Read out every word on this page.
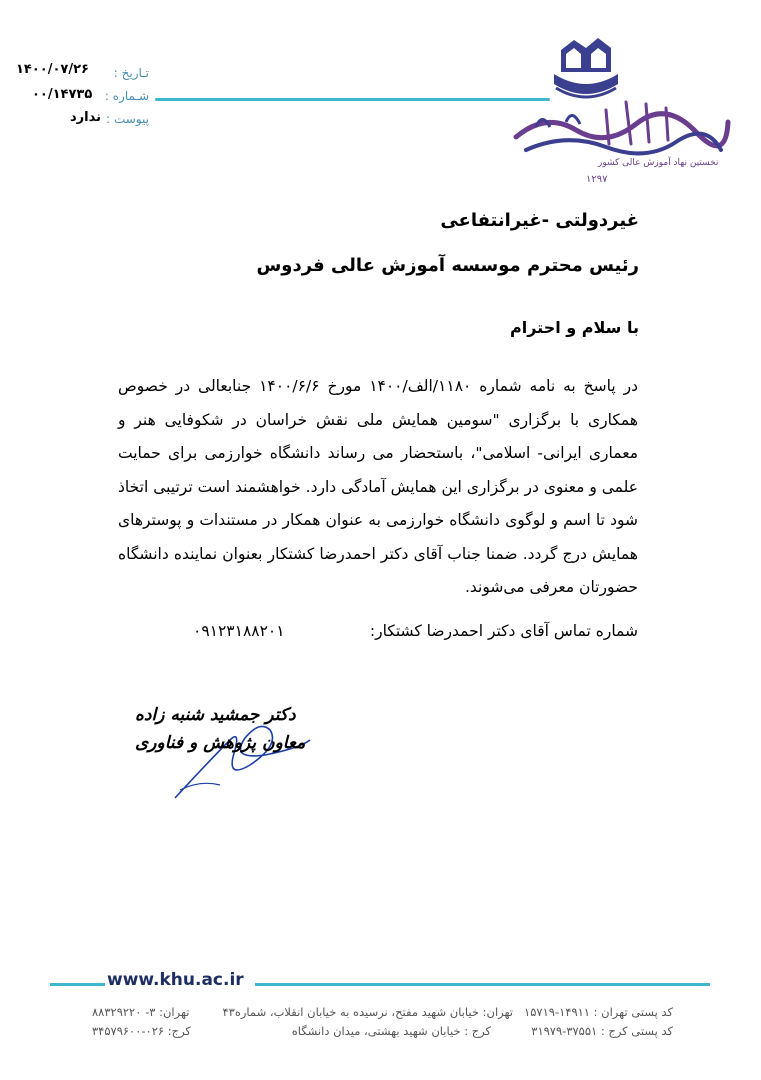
تـاریخ :
۱۴۰۰/۰۷/۲۶
شـماره :
۰۰/۱۴۷۳۵
پیوست :
ندارد
نخستین نهاد آموزش عالی کشور
۱۲۹۷
غیردولتی -غیرانتفاعی
رئیس محترم موسسه آموزش عالی فردوس
با سلام و احترام
در پاسخ به نامه شماره ۱۱۸۰/الف/۱۴۰۰ مورخ ۱۴۰۰/۶/۶ جنابعالی در خصوص همکاری با برگزاری "سومین همایش ملی نقش خراسان در شکوفایی هنر و معماری ایرانی- اسلامی"، باستحضار می رساند دانشگاه خوارزمی برای حمایت علمی و معنوی در برگزاری این همایش آمادگی دارد. خواهشمند است ترتیبی اتخاذ شود تا اسم و لوگوی دانشگاه خوارزمی به عنوان همکار در مستندات و پوسترهای همایش درج گردد. ضمنا جناب آقای دکتر احمدرضا کشتکار بعنوان نماینده دانشگاه حضورتان معرفی می‌شوند.
شماره تماس آقای دکتر احمدرضا کشتکار:
۰۹۱۲۳۱۸۸۲۰۱
دکتر جمشید شنبه زاده
معاون پژوهش و فناوری
www.khu.ac.ir
کد پستی تهران : ۱۴۹۱۱-۱۵۷۱۹
تهران: خیابان شهید مفتح، نرسیده به خیابان انقلاب، شماره۴۳
تهران: ۳- ۸۸۳۲۹۲۲۰
کد پستی کرج : ۳۷۵۵۱-۳۱۹۷۹
کرج : خیابان شهید بهشتی، میدان دانشگاه
کرج: ۰۲۶-۳۴۵۷۹۶۰۰
